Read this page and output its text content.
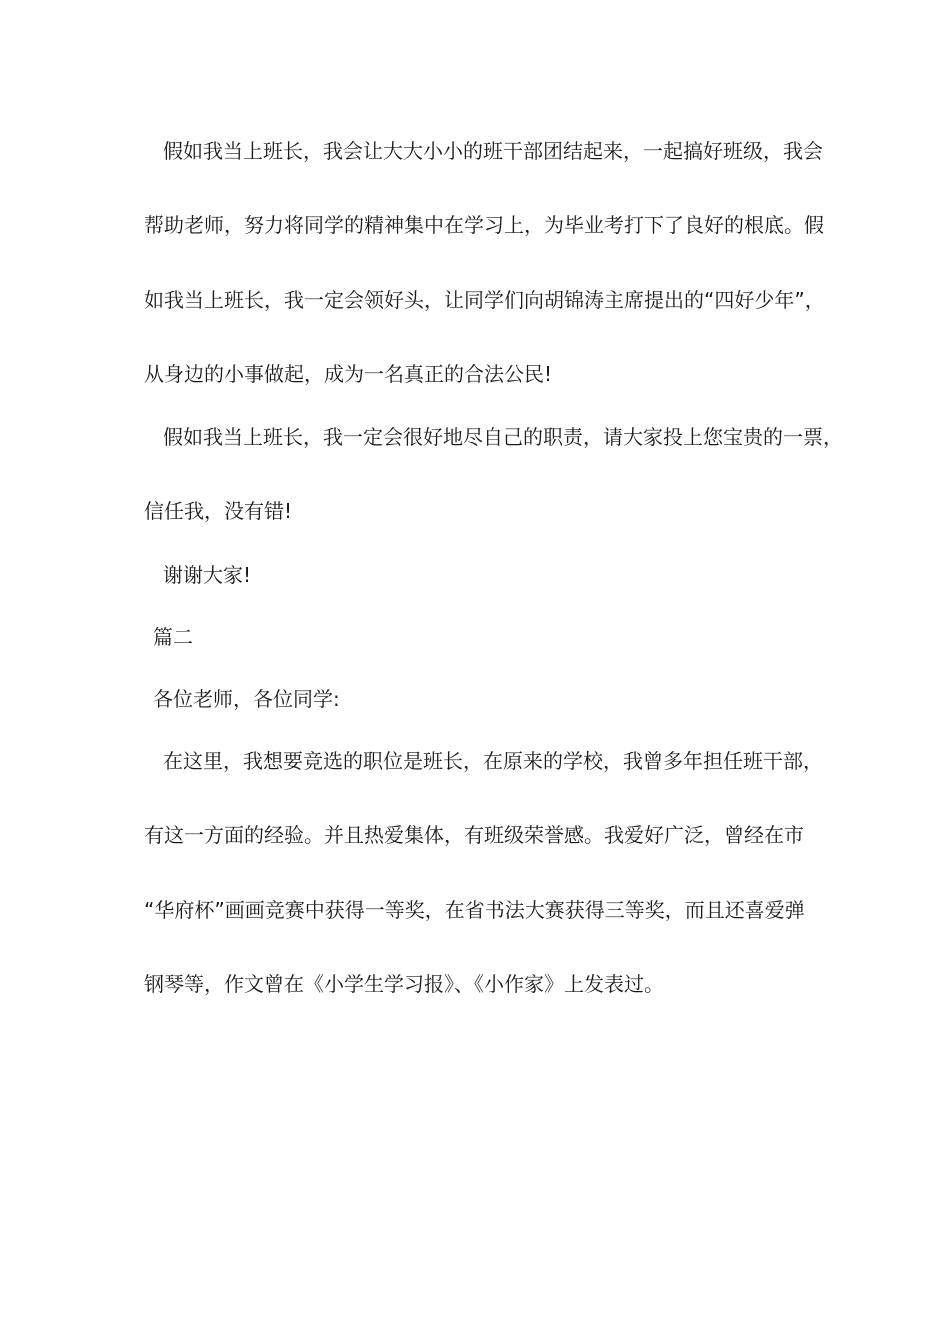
假如我当上班长，我会让大大小小的班干部团结起来，一起搞好班级，我会
帮助老师，努力将同学的精神集中在学习上，为毕业考打下了良好的根底。假
如我当上班长，我一定会领好头，让同学们向胡锦涛主席提出的“四好少年”，
从身边的小事做起，成为一名真正的合法公民!
假如我当上班长，我一定会很好地尽自己的职责，请大家投上您宝贵的一票，
信任我，没有错!
谢谢大家!
篇二
各位老师，各位同学:
在这里，我想要竞选的职位是班长，在原来的学校，我曾多年担任班干部，
有这一方面的经验。并且热爱集体，有班级荣誉感。我爱好广泛，曾经在市
“华府杯”画画竞赛中获得一等奖，在省书法大赛获得三等奖，而且还喜爱弹
钢琴等，作文曾在《小学生学习报》、《小作家》上发表过。
